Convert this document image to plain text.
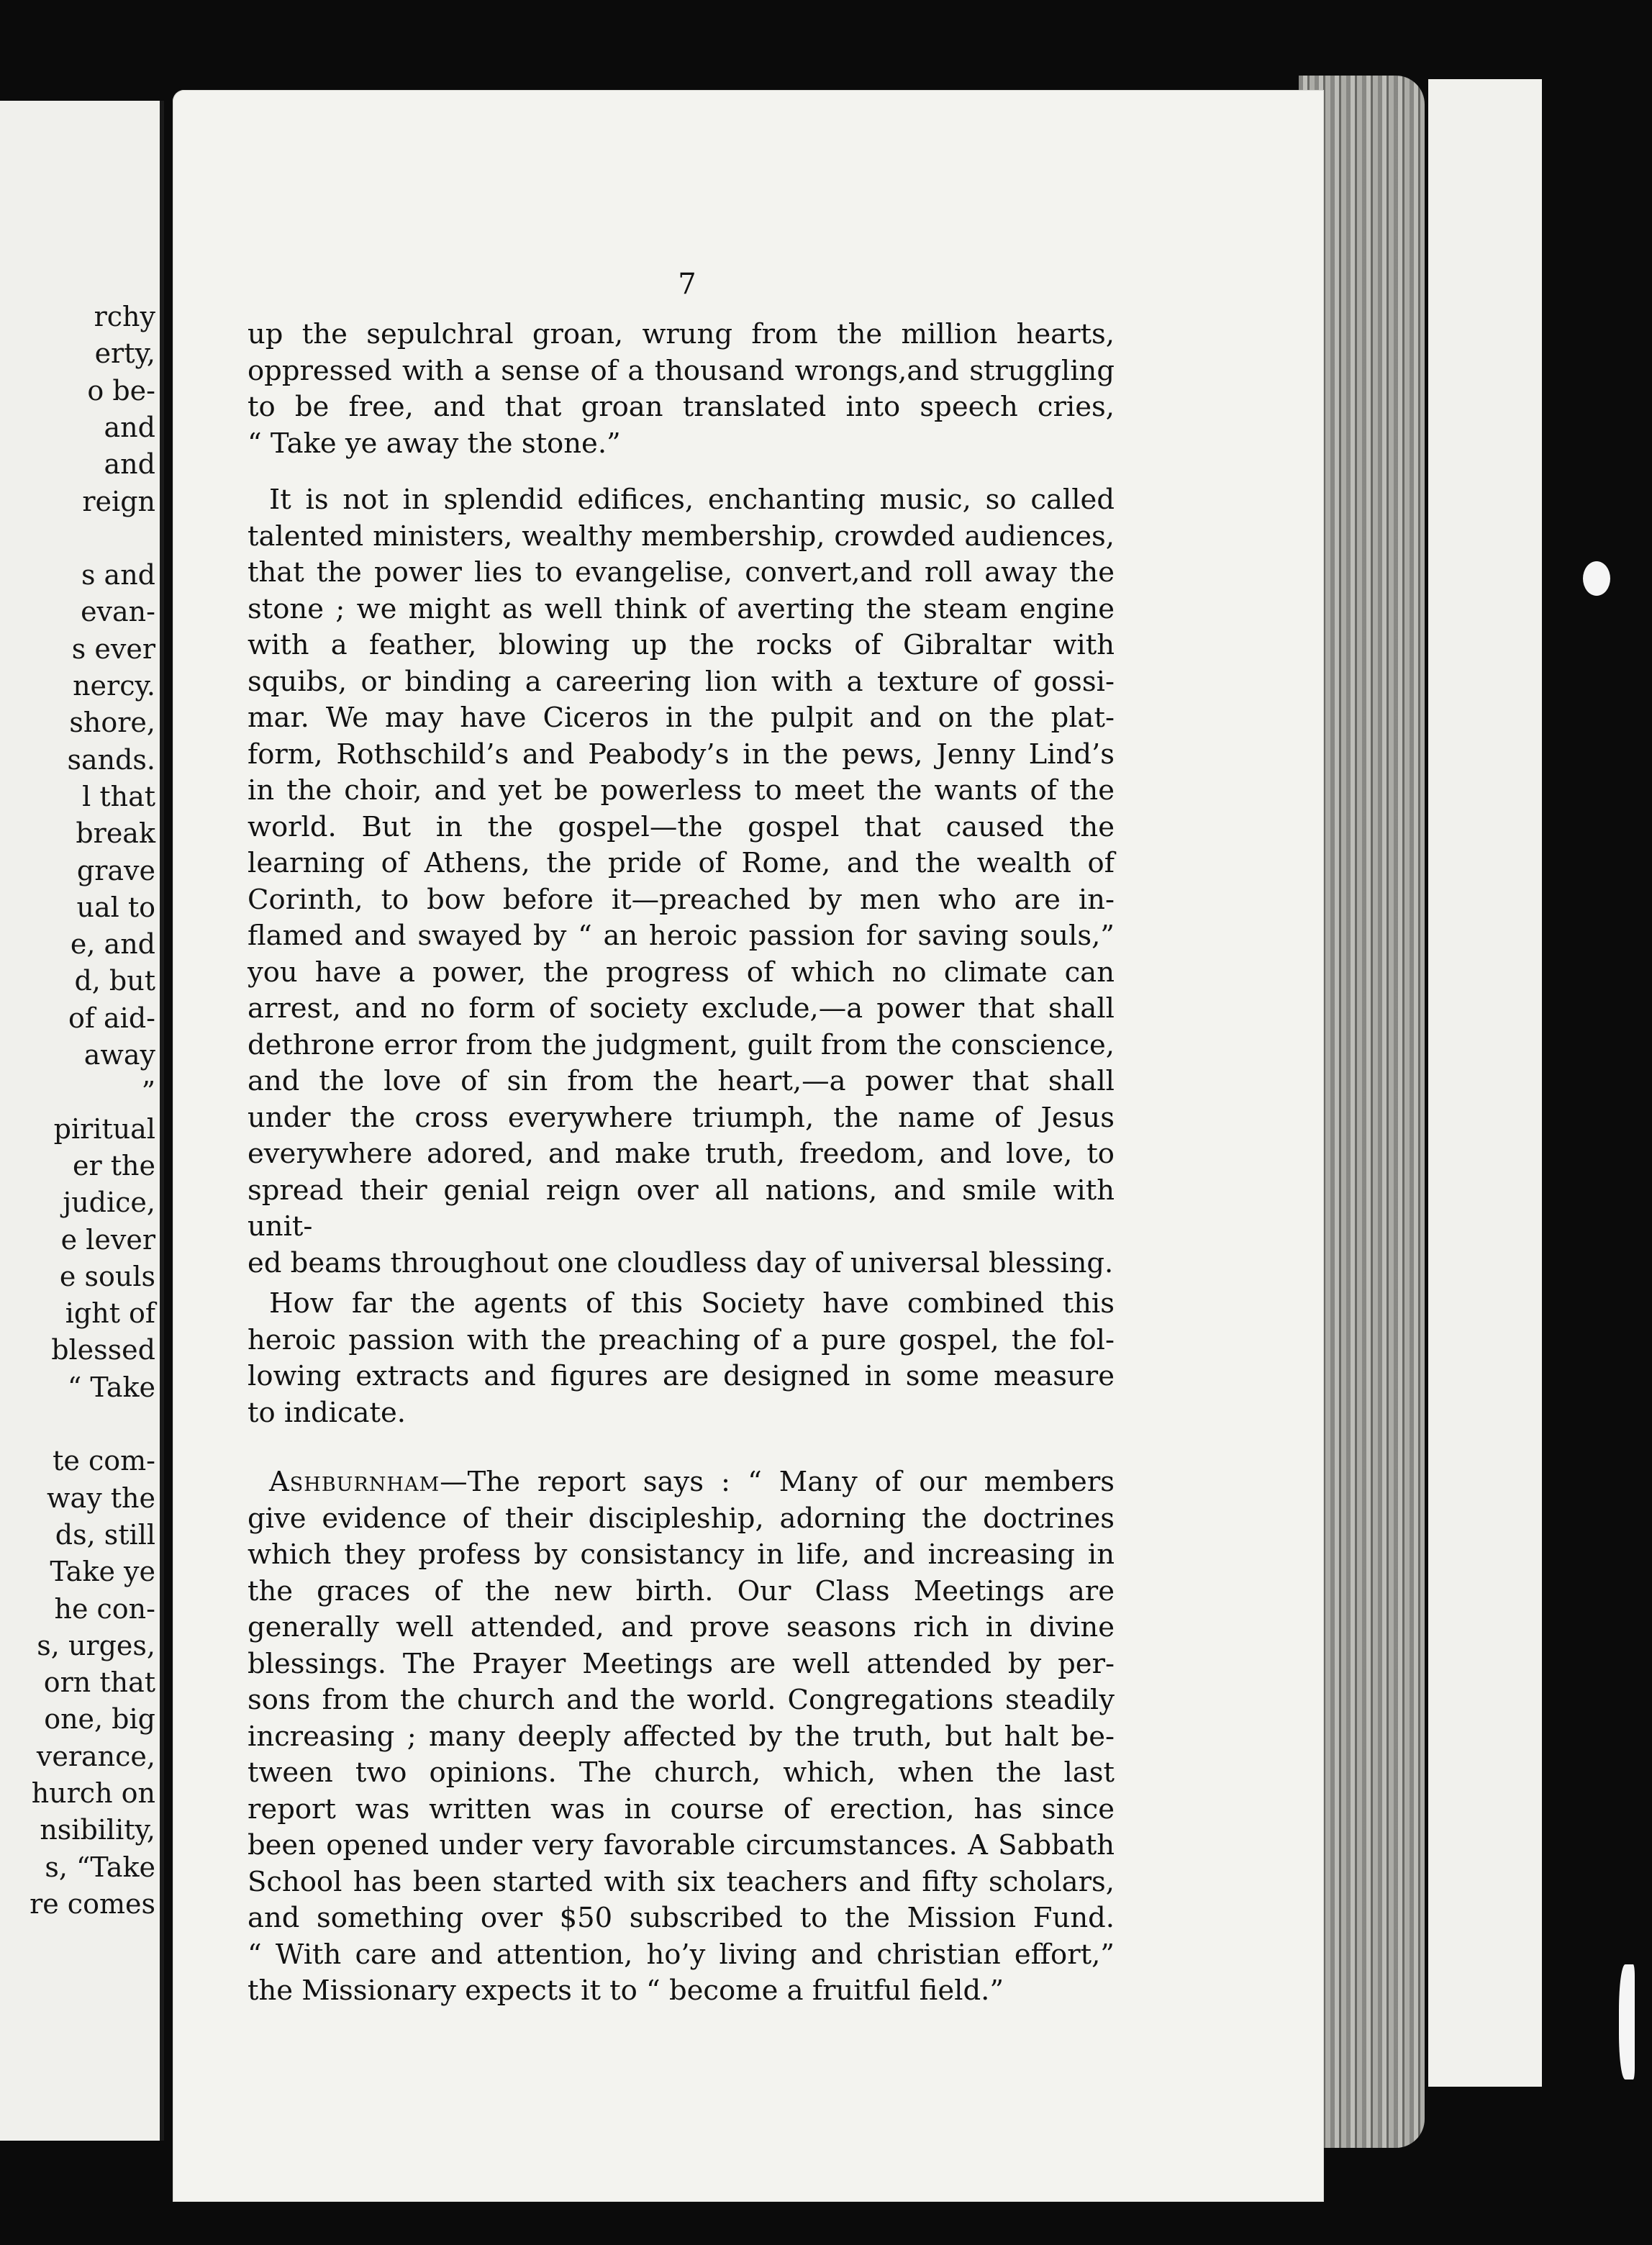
rchy
erty,
o be-
and
and
reign
s and
evan-
s ever
nercy.
shore,
sands.
l that
break
grave
ual to
e, and
d, but
of aid-
away
”
piritual
er the
judice,
e lever
e souls
ight of
blessed
“ Take
te com-
way the
ds, still
Take ye
he con-
s, urges,
orn that
one, big
verance,
hurch on
nsibility,
s, “Take
re comes
7

up the sepulchral groan, wrung from the million hearts,
oppressed with a sense of a thousand wrongs,and struggling
to be free, and that groan translated into speech cries,
“ Take ye away the stone.”

It is not in splendid edifices, enchanting music, so called
talented ministers, wealthy membership, crowded audiences,
that the power lies to evangelise, convert,and roll away the
stone ; we might as well think of averting the steam engine
with a feather, blowing up the rocks of Gibraltar with
squibs, or binding a careering lion with a texture of gossi-
mar. We may have Ciceros in the pulpit and on the plat-
form, Rothschild’s and Peabody’s in the pews, Jenny Lind’s
in the choir, and yet be powerless to meet the wants of the
world. But in the gospel—the gospel that caused the
learning of Athens, the pride of Rome, and the wealth of
Corinth, to bow before it—preached by men who are in-
flamed and swayed by “ an heroic passion for saving souls,”
you have a power, the progress of which no climate can
arrest, and no form of society exclude,—a power that shall
dethrone error from the judgment, guilt from the conscience,
and the love of sin from the heart,—a power that shall
under the cross everywhere triumph, the name of Jesus
everywhere adored, and make truth, freedom, and love, to
spread their genial reign over all nations, and smile with unit-
ed beams throughout one cloudless day of universal blessing.

How far the agents of this Society have combined this
heroic passion with the preaching of a pure gospel, the fol-
lowing extracts and figures are designed in some measure
to indicate.

Ashburnham—The report says : “ Many of our members
give evidence of their discipleship, adorning the doctrines
which they profess by consistancy in life, and increasing in
the graces of the new birth. Our Class Meetings are
generally well attended, and prove seasons rich in divine
blessings. The Prayer Meetings are well attended by per-
sons from the church and the world. Congregations steadily
increasing ; many deeply affected by the truth, but halt be-
tween two opinions. The church, which, when the last
report was written was in course of erection, has since
been opened under very favorable circumstances. A Sabbath
School has been started with six teachers and fifty scholars,
and something over $50 subscribed to the Mission Fund.
“ With care and attention, ho’y living and christian effort,”
the Missionary expects it to “ become a fruitful field.”
